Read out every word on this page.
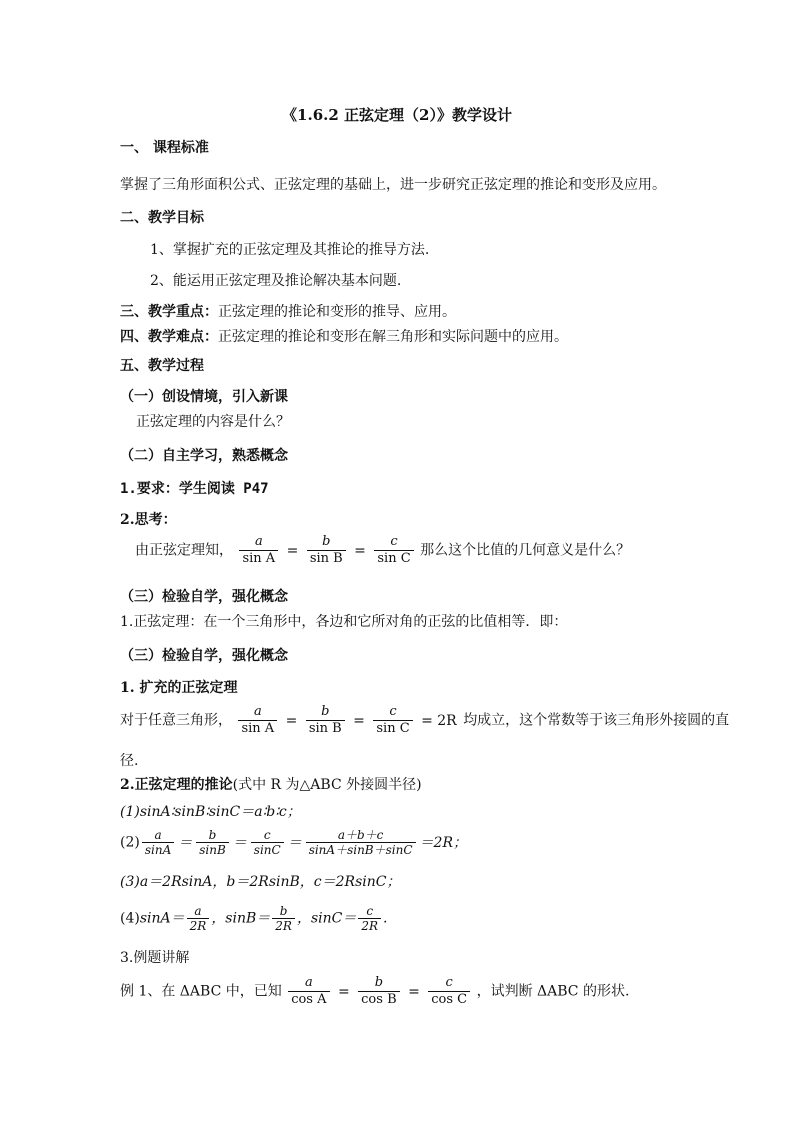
《1.6.2 正弦定理（2）》教学设计
一、 课程标准
掌握了三角形面积公式、正弦定理的基础上，进一步研究正弦定理的推论和变形及应用。
二、教学目标
1、掌握扩充的正弦定理及其推论的推导方法.
2、能运用正弦定理及推论解决基本问题.
三、教学重点：正弦定理的推论和变形的推导、应用。
四、教学难点：正弦定理的推论和变形在解三角形和实际问题中的应用。
五、教学过程
（一）创设情境，引入新课
正弦定理的内容是什么？
（二）自主学习，熟悉概念
1.要求：学生阅读 P47
2.思考：
由正弦定理知， $\frac{a}{\text{sin A}} = \frac{b}{\text{sin B}} = \frac{c}{\text{sin C}}$ 那么这个比值的几何意义是什么？
（三）检验自学，强化概念
1.正弦定理：在一个三角形中，各边和它所对角的正弦的比值相等．即：
（三）检验自学，强化概念
1. 扩充的正弦定理
对于任意三角形， $\frac{a}{\text{sin A}} = \frac{b}{\text{sin B}} = \frac{c}{\text{sin C}} = 2R$ 均成立，这个常数等于该三角形外接圆的直
径.
2.正弦定理的推论(式中 R 为△ABC 外接圆半径)
(1)sinA∶sinB∶sinC＝a∶b∶c；
$(2) \frac{a}{\sin A} = \frac{b}{\sin B} = \frac{c}{\sin C} = \frac{a+b+c}{\sin A+\sin B+\sin C} =2R$；
(3)a＝2RsinA，b＝2RsinB，c＝2RsinC；
$(4)\sin A= \frac{a}{2R}$ ，$\sin B= \frac{b}{2R}$ ，$\sin C= \frac{c}{2R}$ .
3.例题讲解
例 1、在 ΔABC 中，已知 $\frac{a}{\text{cos A}} = \frac{b}{\text{cos B}} = \frac{c}{\text{cos C}}$ ，试判断 ΔABC 的形状.
